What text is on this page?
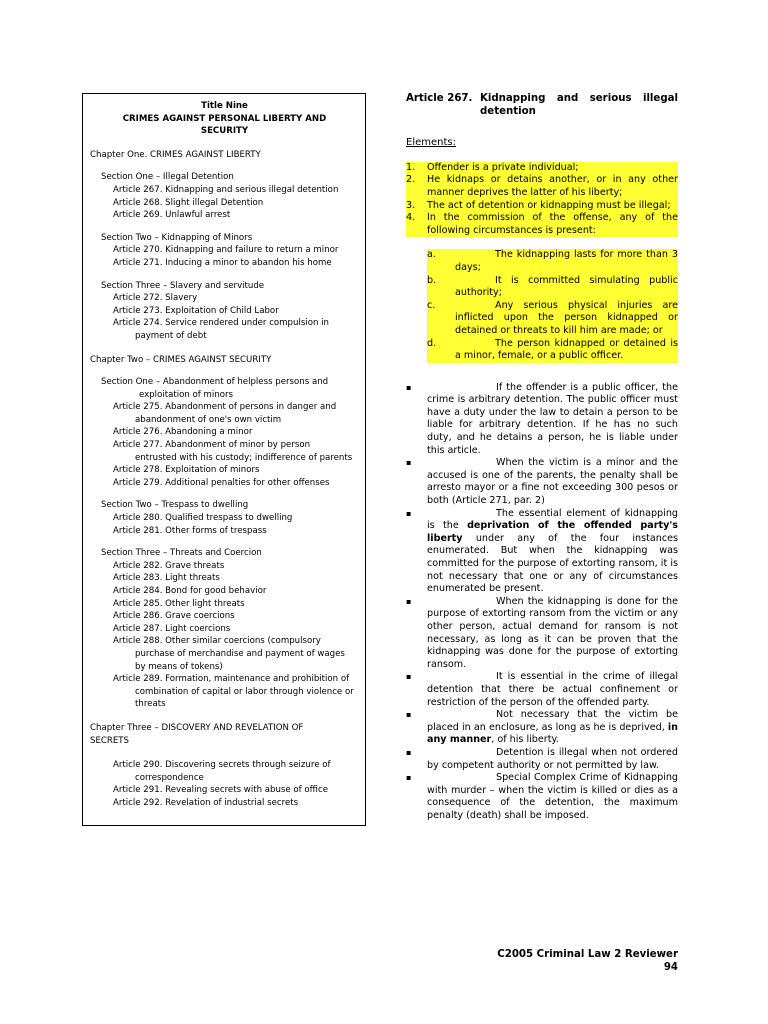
Title Nine
CRIMES AGAINST PERSONAL LIBERTY AND
SECURITY
Chapter One. CRIMES AGAINST LIBERTY
Section One – Illegal Detention
Article 267. Kidnapping and serious illegal detention
Article 268. Slight illegal Detention
Article 269. Unlawful arrest
Section Two – Kidnapping of Minors
Article 270. Kidnapping and failure to return a minor
Article 271. Inducing a minor to abandon his home
Section Three – Slavery and servitude
Article 272. Slavery
Article 273. Exploitation of Child Labor
Article 274. Service rendered under compulsion in
payment of debt
Chapter Two – CRIMES AGAINST SECURITY
Section One – Abandonment of helpless persons and
exploitation of minors
Article 275. Abandonment of persons in danger and
abandonment of one's own victim
Article 276. Abandoning a minor
Article 277. Abandonment of minor by person
entrusted with his custody; indifference of parents
Article 278. Exploitation of minors
Article 279. Additional penalties for other offenses
Section Two – Trespass to dwelling
Article 280. Qualified trespass to dwelling
Article 281. Other forms of trespass
Section Three – Threats and Coercion
Article 282. Grave threats
Article 283. Light threats
Article 284. Bond for good behavior
Article 285. Other light threats
Article 286. Grave coercions
Article 287. Light coercions
Article 288. Other similar coercions (compulsory
purchase of merchandise and payment of wages
by means of tokens)
Article 289. Formation, maintenance and prohibition of
combination of capital or labor through violence or
threats
Chapter Three – DISCOVERY AND REVELATION OF
SECRETS
Article 290. Discovering secrets through seizure of
correspondence
Article 291. Revealing secrets with abuse of office
Article 292. Revelation of industrial secrets
Article 267. Kidnapping and serious illegal detention
Elements:
1.	Offender is a private individual;
2.	He kidnaps or detains another, or in any other manner deprives the latter of his liberty;
3.	The act of detention or kidnapping must be illegal;
4.	In the commission of the offense, any of the following circumstances is present:
a.	The kidnapping lasts for more than 3 days;
b.	It is committed simulating public authority;
c.	Any serious physical injuries are inflicted upon the person kidnapped or detained or threats to kill him are made; or
d.	The person kidnapped or detained is a minor, female, or a public officer.
▪	If the offender is a public officer, the crime is arbitrary detention. The public officer must have a duty under the law to detain a person to be liable for arbitrary detention. If he has no such duty, and he detains a person, he is liable under this article.
▪	When the victim is a minor and the accused is one of the parents, the penalty shall be arresto mayor or a fine not exceeding 300 pesos or both (Article 271, par. 2)
▪	The essential element of kidnapping is the deprivation of the offended party's liberty under any of the four instances enumerated. But when the kidnapping was committed for the purpose of extorting ransom, it is not necessary that one or any of circumstances enumerated be present.
▪	When the kidnapping is done for the purpose of extorting ransom from the victim or any other person, actual demand for ransom is not necessary, as long as it can be proven that the kidnapping was done for the purpose of extorting ransom.
▪	It is essential in the crime of illegal detention that there be actual confinement or restriction of the person of the offended party.
▪	Not necessary that the victim be placed in an enclosure, as long as he is deprived, in any manner, of his liberty.
▪	Detention is illegal when not ordered by competent authority or not permitted by law.
▪	Special Complex Crime of Kidnapping with murder – when the victim is killed or dies as a consequence of the detention, the maximum penalty (death) shall be imposed.
C2005 Criminal Law 2 Reviewer
94
